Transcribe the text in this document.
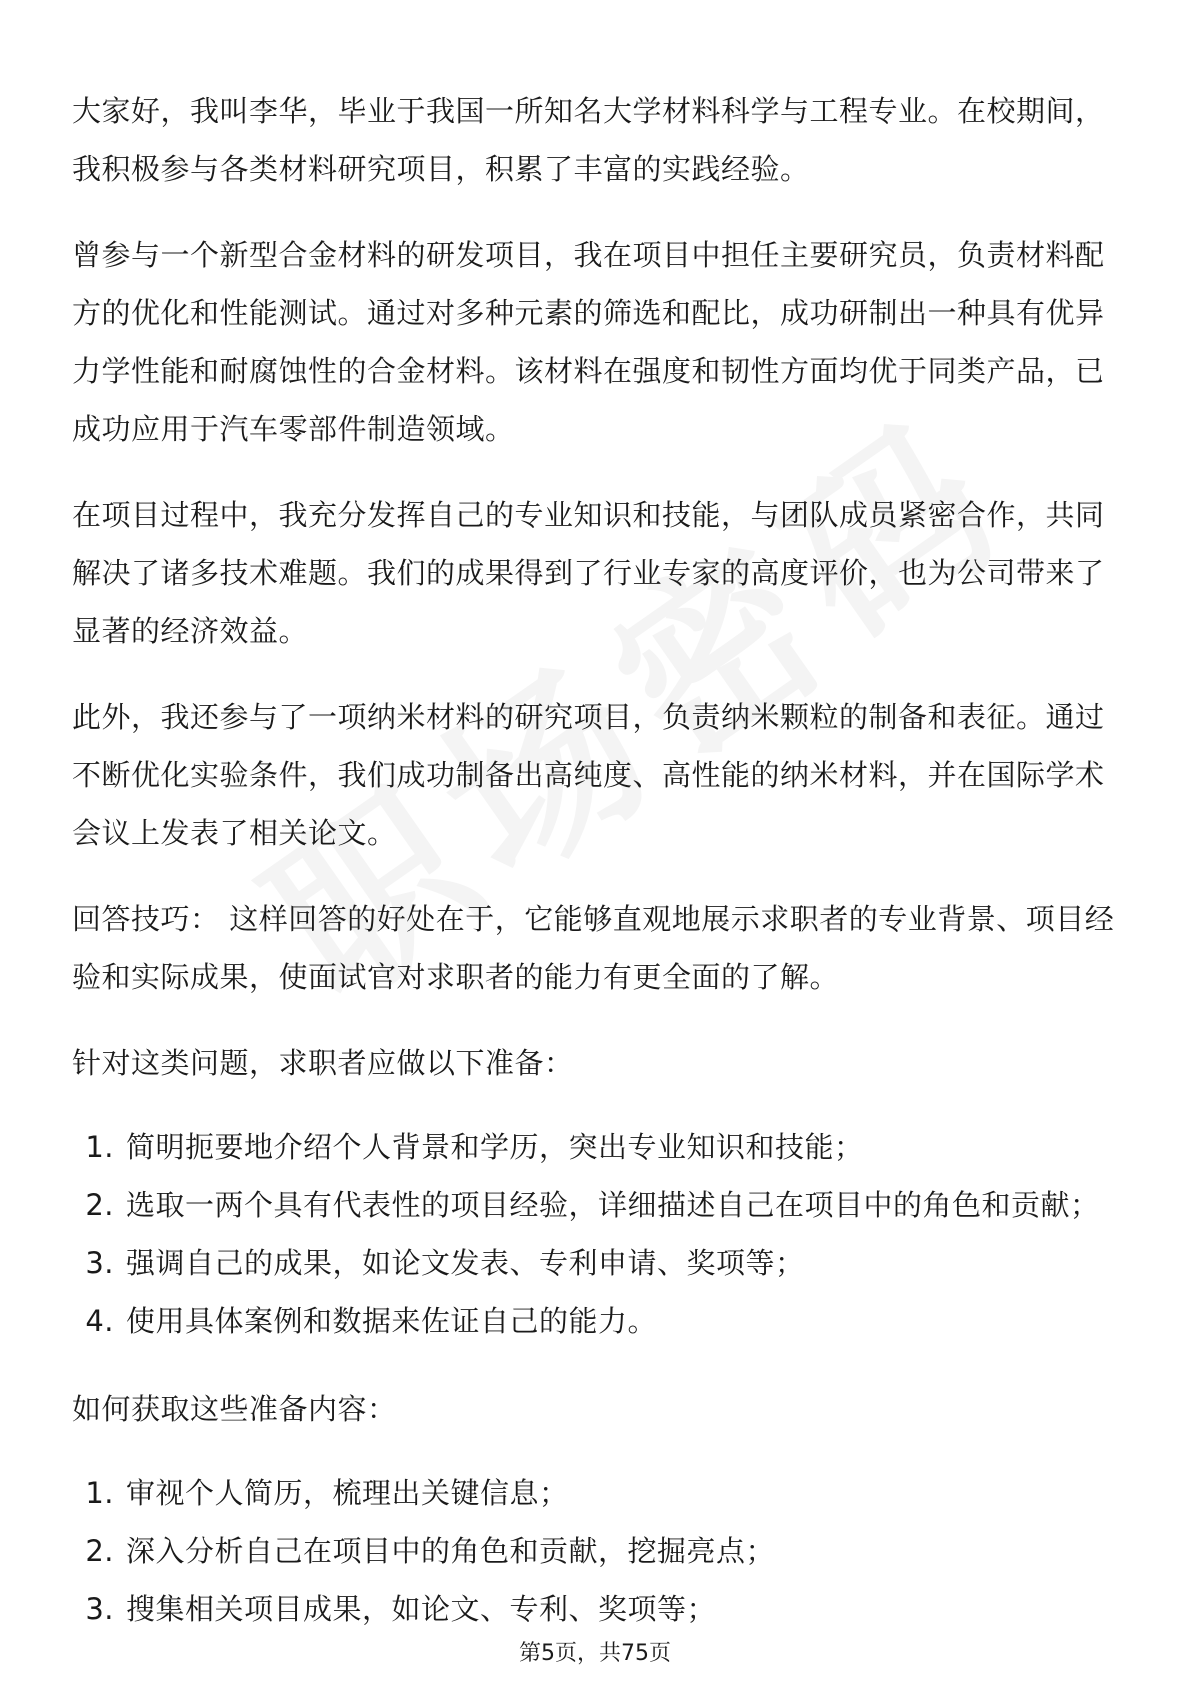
大家好，我叫李华，毕业于我国一所知名大学材料科学与工程专业。在校期间，我积极参与各类材料研究项目，积累了丰富的实践经验。

曾参与一个新型合金材料的研发项目，我在项目中担任主要研究员，负责材料配方的优化和性能测试。通过对多种元素的筛选和配比，成功研制出一种具有优异力学性能和耐腐蚀性的合金材料。该材料在强度和韧性方面均优于同类产品，已成功应用于汽车零部件制造领域。

在项目过程中，我充分发挥自己的专业知识和技能，与团队成员紧密合作，共同解决了诸多技术难题。我们的成果得到了行业专家的高度评价，也为公司带来了显著的经济效益。

此外，我还参与了一项纳米材料的研究项目，负责纳米颗粒的制备和表征。通过不断优化实验条件，我们成功制备出高纯度、高性能的纳米材料，并在国际学术会议上发表了相关论文。

回答技巧： 这样回答的好处在于，它能够直观地展示求职者的专业背景、项目经验和实际成果，使面试官对求职者的能力有更全面的了解。

针对这类问题，求职者应做以下准备：

1. 简明扼要地介绍个人背景和学历，突出专业知识和技能；
2. 选取一两个具有代表性的项目经验，详细描述自己在项目中的角色和贡献；
3. 强调自己的成果，如论文发表、专利申请、奖项等；
4. 使用具体案例和数据来佐证自己的能力。

如何获取这些准备内容：

1. 审视个人简历，梳理出关键信息；
2. 深入分析自己在项目中的角色和贡献，挖掘亮点；
3. 搜集相关项目成果，如论文、专利、奖项等；
第5页，共75页
